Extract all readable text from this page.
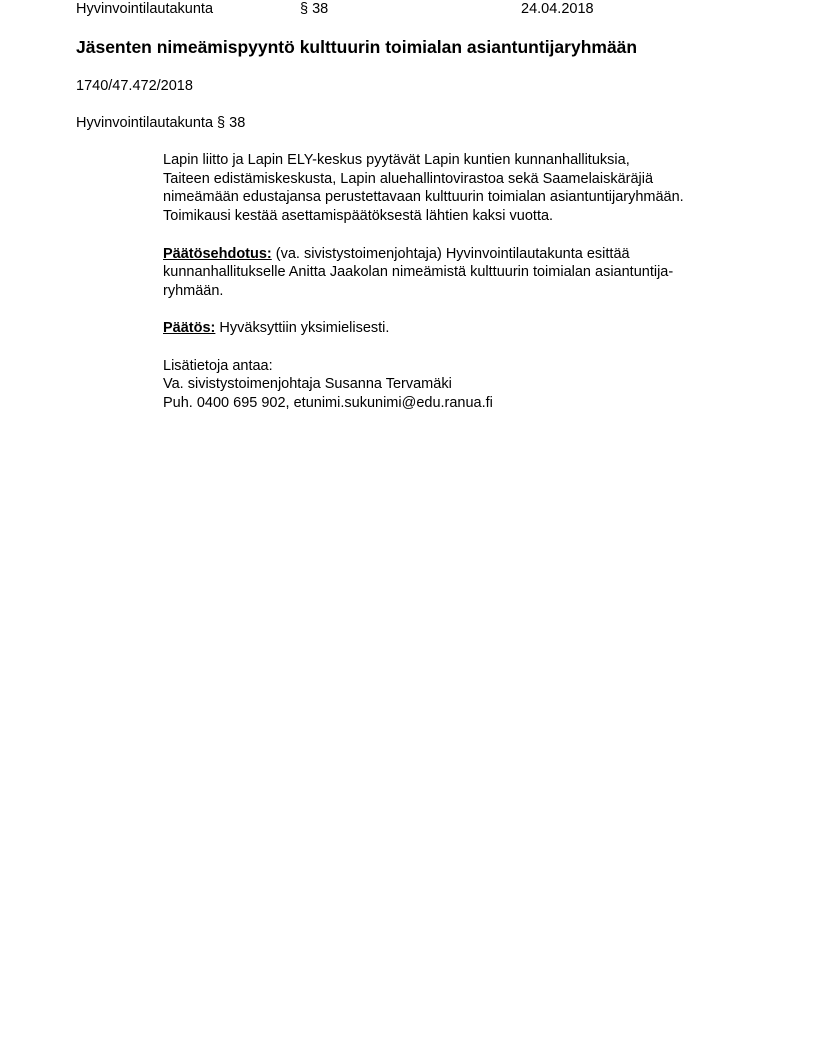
Hyvinvointilautakunta	§ 38	24.04.2018
Jäsenten nimeämispyyntö kulttuurin toimialan asiantuntijaryhmään
1740/47.472/2018
Hyvinvointilautakunta § 38

Lapin liitto ja Lapin ELY-keskus pyytävät Lapin kuntien kunnanhallituksia,
Taiteen edistämiskeskusta, Lapin aluehallintovirastoa sekä Saamelaiskäräjiä
nimeämään edustajansa perustettavaan kulttuurin toimialan asiantuntijaryhmään.
Toimikausi kestää asettamispäätöksestä lähtien kaksi vuotta.

Päätösehdotus: (va. sivistystoimenjohtaja) Hyvinvointilautakunta esittää
kunnanhallitukselle Anitta Jaakolan nimeämistä kulttuurin toimialan asiantuntija-
ryhmään.

Päätös: Hyväksyttiin yksimielisesti.

Lisätietoja antaa:
Va. sivistystoimenjohtaja Susanna Tervamäki
Puh. 0400 695 902, etunimi.sukunimi@edu.ranua.fi
